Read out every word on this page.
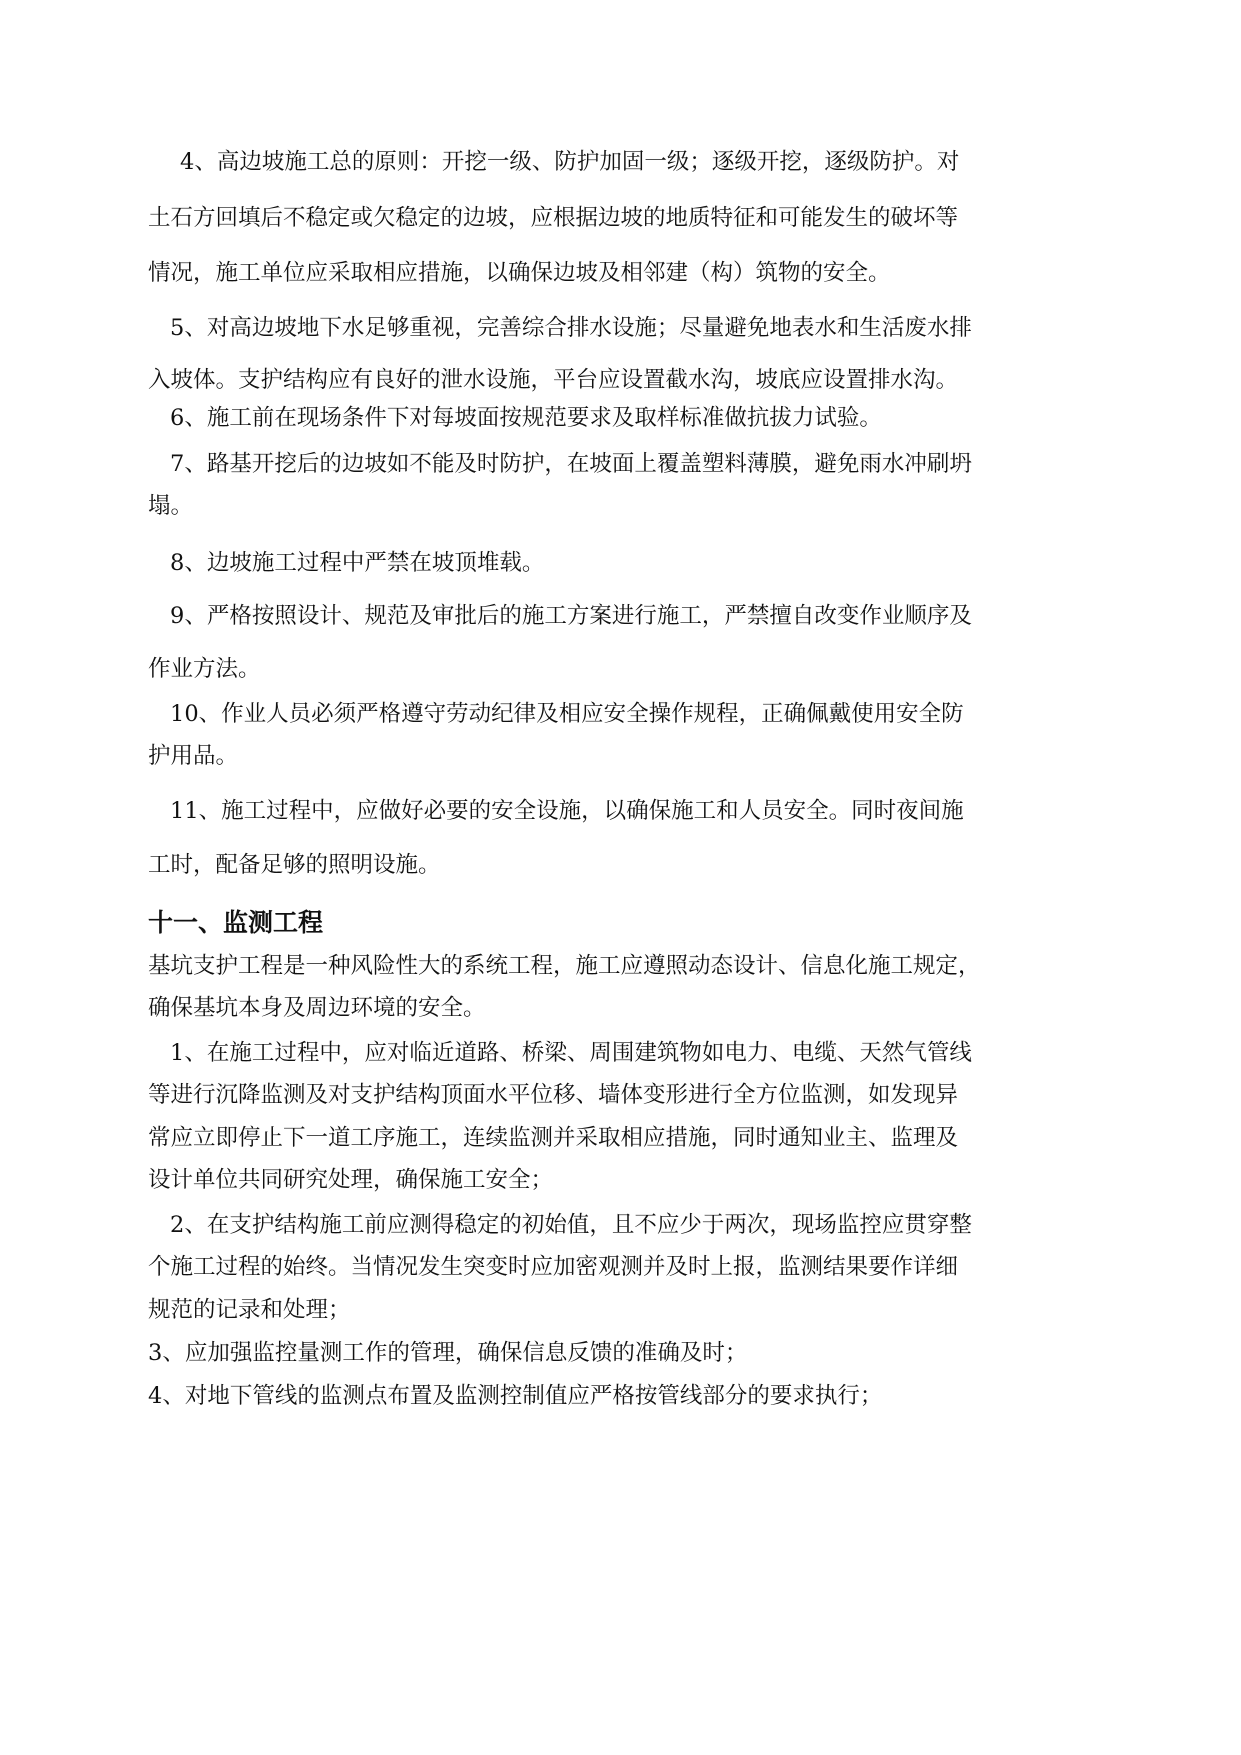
4、高边坡施工总的原则：开挖一级、防护加固一级；逐级开挖，逐级防护。对
土石方回填后不稳定或欠稳定的边坡，应根据边坡的地质特征和可能发生的破坏等
情况，施工单位应采取相应措施，以确保边坡及相邻建（构）筑物的安全。
5、对高边坡地下水足够重视，完善综合排水设施；尽量避免地表水和生活废水排
入坡体。支护结构应有良好的泄水设施，平台应设置截水沟，坡底应设置排水沟。
6、施工前在现场条件下对每坡面按规范要求及取样标准做抗拔力试验。
7、路基开挖后的边坡如不能及时防护，在坡面上覆盖塑料薄膜，避免雨水冲刷坍
塌。
8、边坡施工过程中严禁在坡顶堆载。
9、严格按照设计、规范及审批后的施工方案进行施工，严禁擅自改变作业顺序及
作业方法。
10、作业人员必须严格遵守劳动纪律及相应安全操作规程，正确佩戴使用安全防
护用品。
11、施工过程中，应做好必要的安全设施，以确保施工和人员安全。同时夜间施
工时，配备足够的照明设施。
十一、监测工程
基坑支护工程是一种风险性大的系统工程，施工应遵照动态设计、信息化施工规定，
确保基坑本身及周边环境的安全。
1、在施工过程中，应对临近道路、桥梁、周围建筑物如电力、电缆、天然气管线
等进行沉降监测及对支护结构顶面水平位移、墙体变形进行全方位监测，如发现异
常应立即停止下一道工序施工，连续监测并采取相应措施，同时通知业主、监理及
设计单位共同研究处理，确保施工安全；
2、在支护结构施工前应测得稳定的初始值，且不应少于两次，现场监控应贯穿整
个施工过程的始终。当情况发生突变时应加密观测并及时上报，监测结果要作详细
规范的记录和处理；
3、应加强监控量测工作的管理，确保信息反馈的准确及时；
4、对地下管线的监测点布置及监测控制值应严格按管线部分的要求执行；
